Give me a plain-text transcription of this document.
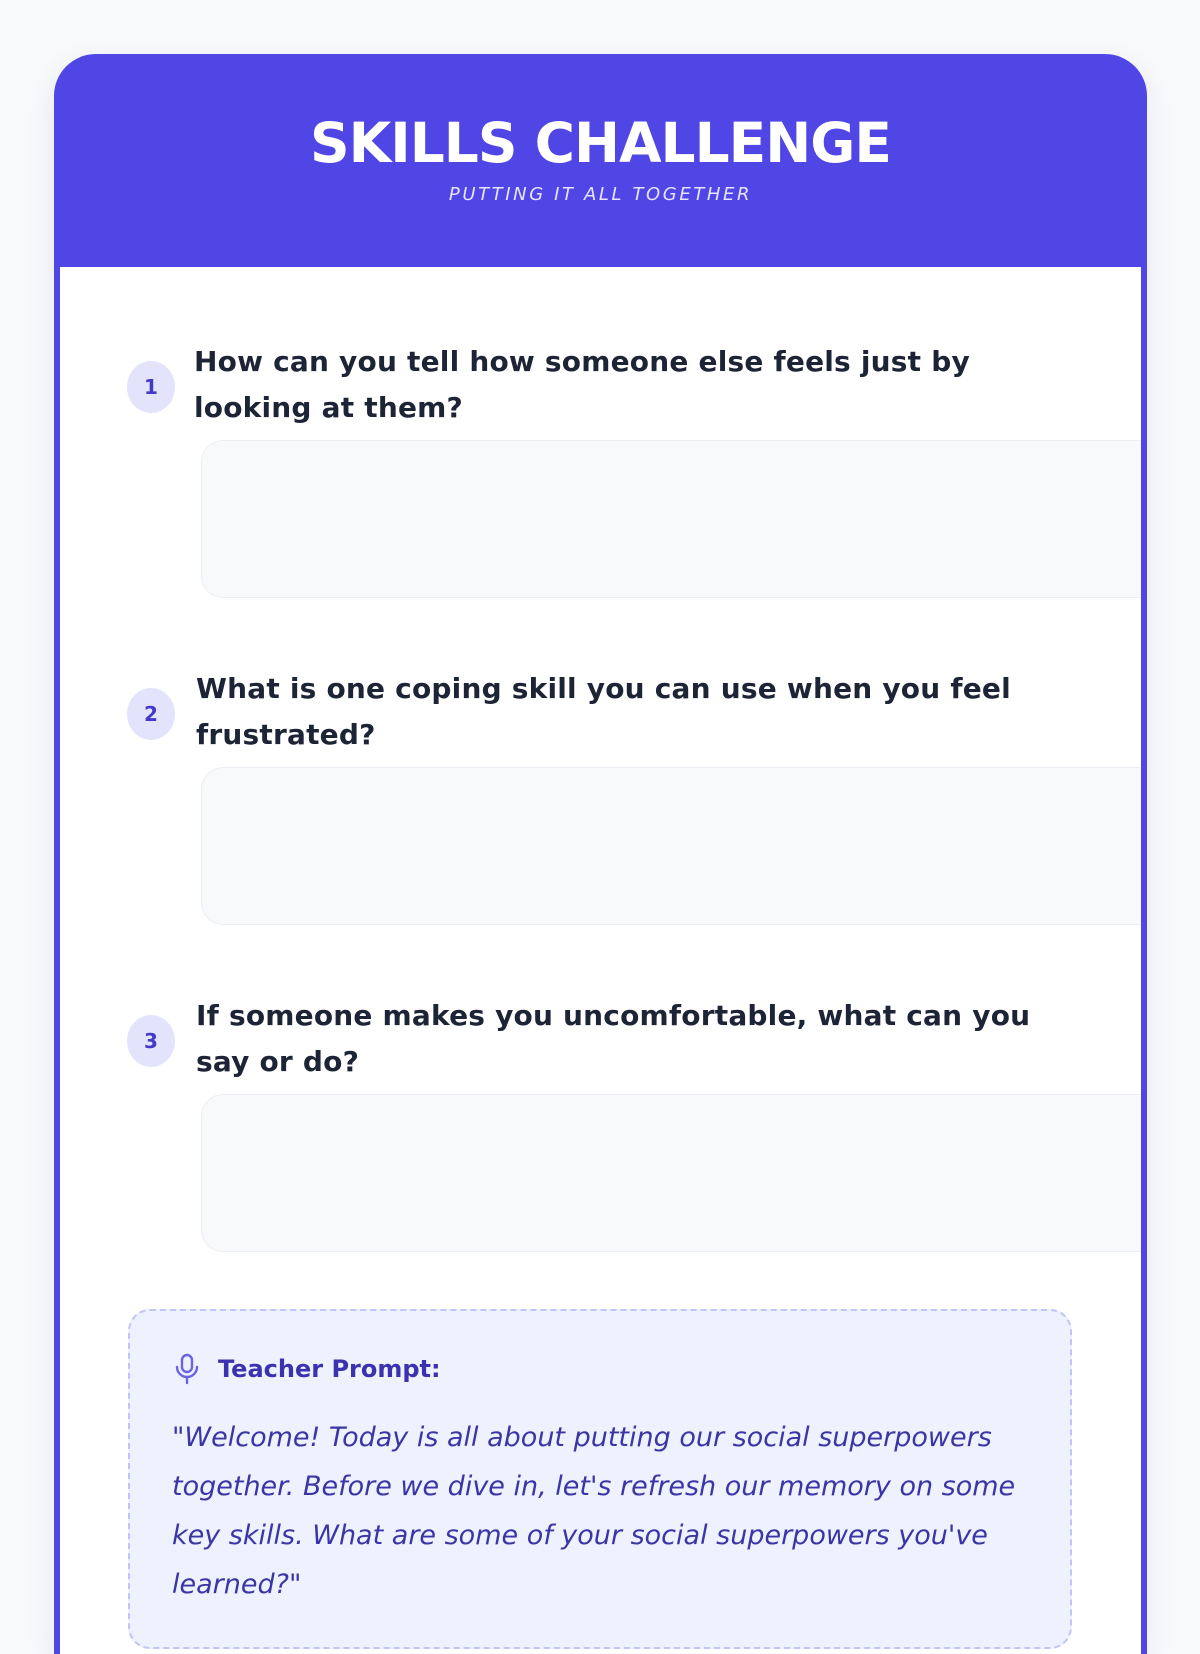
SKILLS CHALLENGE
PUTTING IT ALL TOGETHER
1
How can you tell how someone else feels just by looking at them?
2
What is one coping skill you can use when you feel frustrated?
3
If someone makes you uncomfortable, what can you say or do?
Teacher Prompt:

"Welcome! Today is all about putting our social superpowers together. Before we dive in, let's refresh our memory on some key skills. What are some of your social superpowers you've learned?"
